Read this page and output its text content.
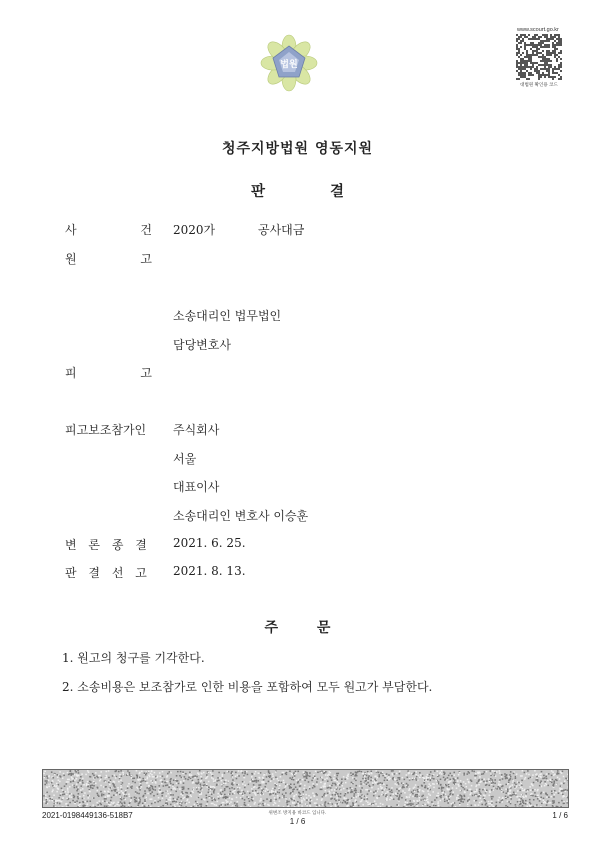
법원
www.scourt.go.kr
대법원 확인용 코드
청주지방법원 영동지원
판 결
사 건
2020가	공사대금
원 고
소송대리인 법무법인
담당변호사
피 고
피고보조참가인 주식회사
서울
대표이사
소송대리인 변호사 이승훈
변 론 종 결 2021. 6. 25.
판 결 선 고 2021. 8. 13.
주 문
1. 원고의 청구를 기각한다.
2. 소송비용은 보조참가로 인한 비용을 포함하여 모두 원고가 부담한다.
2021-0198449136-518B7	위변조 방지용 바코드 입니다.
1 / 6
1 / 6
